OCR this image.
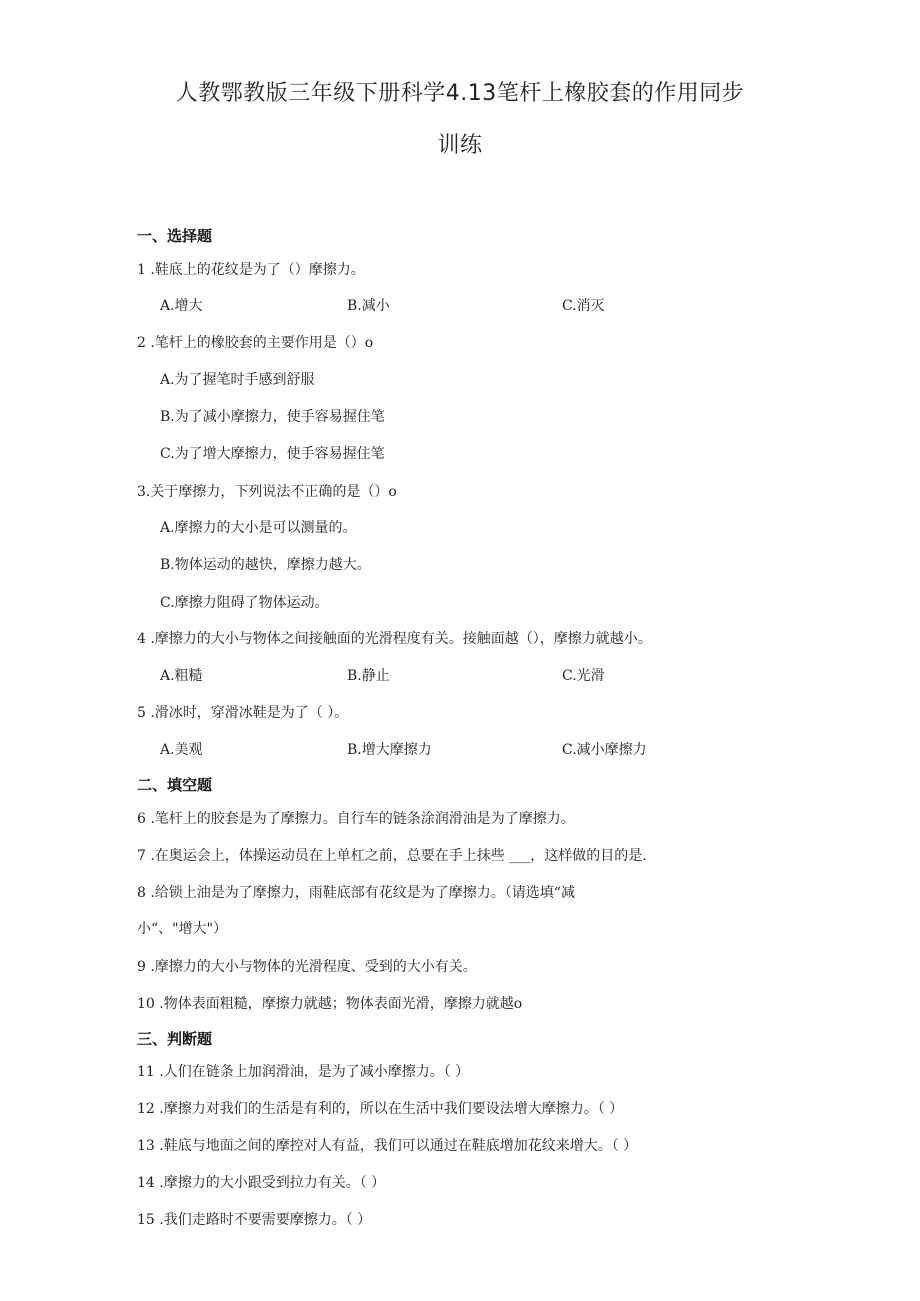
人教鄂教版三年级下册科学4.13笔杆上橡胶套的作用同步
训练
一、选择题
1 .鞋底上的花纹是为了（）摩擦力。
A.增大	B.减小	C.消灭
2 .笔杆上的橡胶套的主要作用是（）o
A.为了握笔时手感到舒服
B.为了减小摩擦力，使手容易握住笔
C.为了增大摩擦力，使手容易握住笔
3.关于摩擦力，下列说法不正确的是（）o
A.摩擦力的大小是可以测量的。
B.物体运动的越快，摩擦力越大。
C.摩擦力阻碍了物体运动。
4 .摩擦力的大小与物体之间接触面的光滑程度有关。接触面越（），摩擦力就越小。
A.粗糙	B.静止	C.光滑
5 .滑冰时，穿滑冰鞋是为了（ ）。
A.美观	B.增大摩擦力	C.减小摩擦力
二、填空题
6 .笔杆上的胶套是为了摩擦力。自行车的链条涂润滑油是为了摩擦力。
7 .在奥运会上，体操运动员在上单杠之前，总要在手上抹些 ___，这样做的目的是.
8 .给锁上油是为了摩擦力，雨鞋底部有花纹是为了摩擦力。（请选填“减
小“、"增大"）
9 .摩擦力的大小与物体的光滑程度、受到的大小有关。
10 .物体表面粗糙，摩擦力就越；物体表面光滑，摩擦力就越o
三、判断题
11 .人们在链条上加润滑油，是为了减小摩擦力。（ ）
12 .摩擦力对我们的生活是有利的，所以在生活中我们要设法增大摩擦力。（ ）
13 .鞋底与地面之间的摩控对人有益，我们可以通过在鞋底增加花纹来增大。（ ）
14 .摩擦力的大小跟受到拉力有关。（ ）
15 .我们走路时不要需要摩擦力。（ ）
